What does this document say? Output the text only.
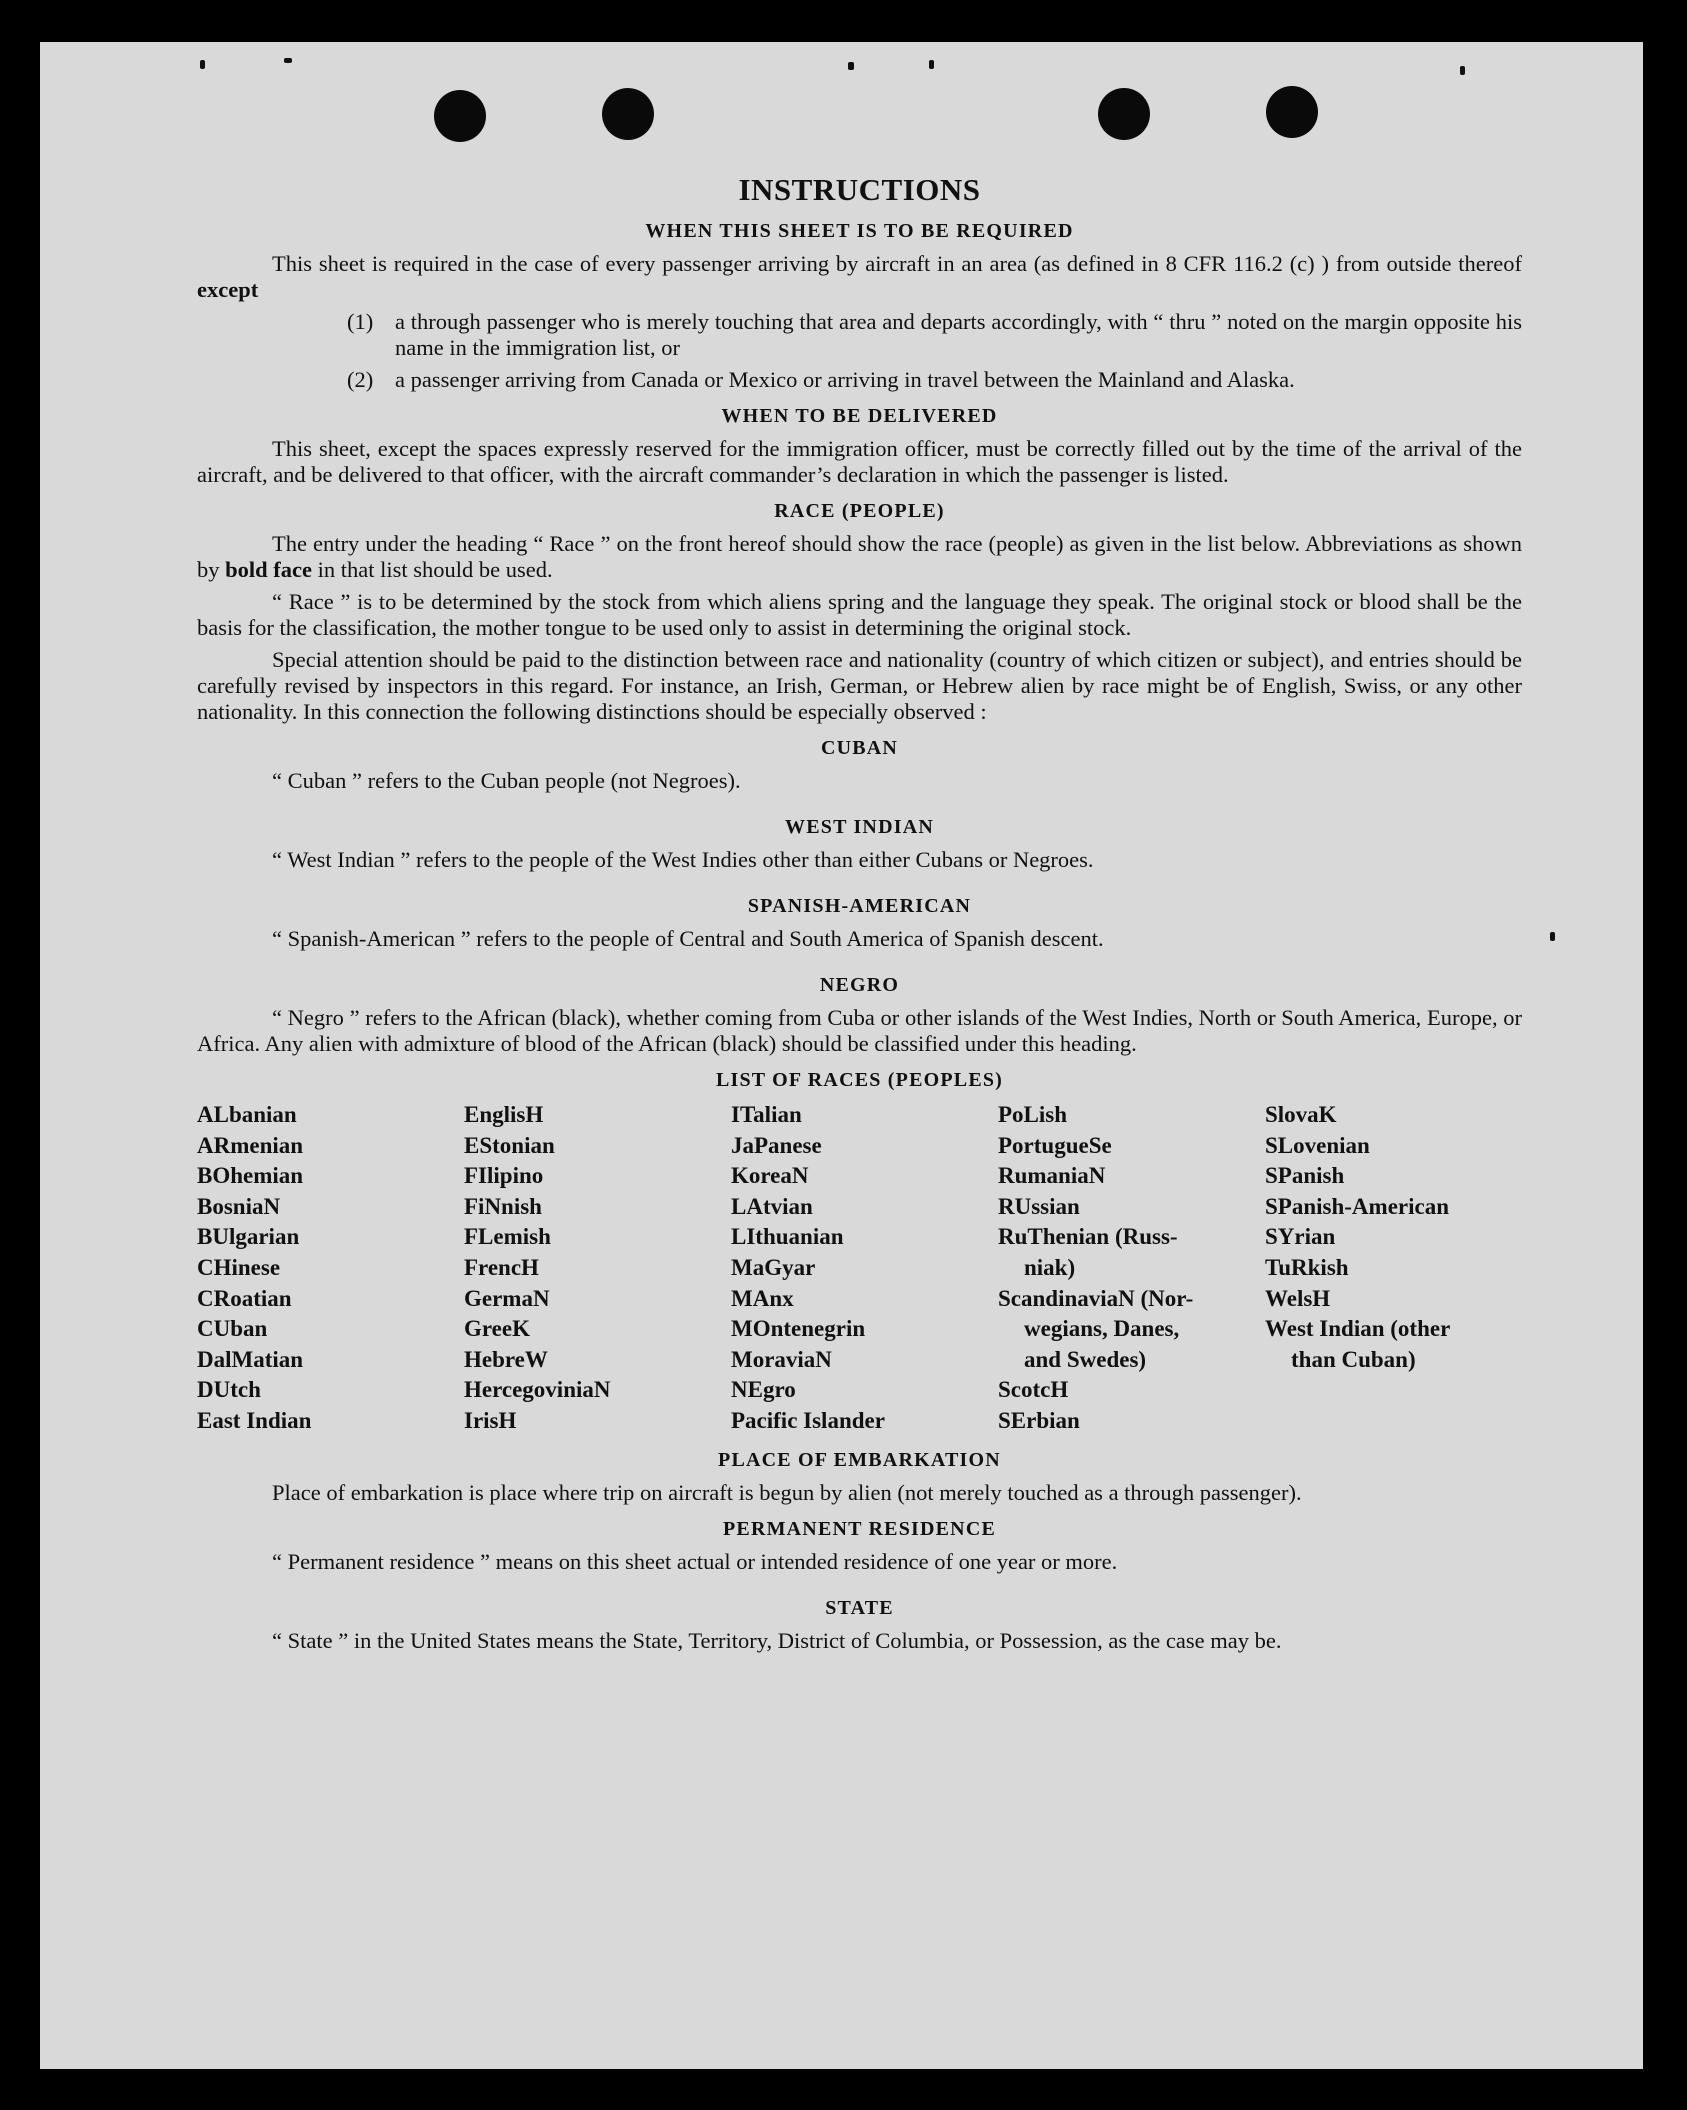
INSTRUCTIONS
WHEN THIS SHEET IS TO BE REQUIRED

This sheet is required in the case of every passenger arriving by aircraft in an area (as defined in 8 CFR 116.2 (c) ) from outside thereof except

(1) a through passenger who is merely touching that area and departs accordingly, with “ thru ” noted on the margin opposite his name in the immigration list, or
(2) a passenger arriving from Canada or Mexico or arriving in travel between the Mainland and Alaska.
WHEN TO BE DELIVERED

This sheet, except the spaces expressly reserved for the immigration officer, must be correctly filled out by the time of the arrival of the aircraft, and be delivered to that officer, with the aircraft commander’s declaration in which the passenger is listed.

RACE (PEOPLE)

The entry under the heading “ Race ” on the front hereof should show the race (people) as given in the list below. Abbreviations as shown by bold face in that list should be used.

“ Race ” is to be determined by the stock from which aliens spring and the language they speak. The original stock or blood shall be the basis for the classification, the mother tongue to be used only to assist in determining the original stock.

Special attention should be paid to the distinction between race and nationality (country of which citizen or subject), and entries should be carefully revised by inspectors in this regard. For instance, an Irish, German, or Hebrew alien by race might be of English, Swiss, or any other nationality. In this connection the following distinctions should be especially observed :

CUBAN

“ Cuban ” refers to the Cuban people (not Negroes).

WEST INDIAN

“ West Indian ” refers to the people of the West Indies other than either Cubans or Negroes.

SPANISH-AMERICAN

“ Spanish-American ” refers to the people of Central and South America of Spanish descent.

NEGRO

“ Negro ” refers to the African (black), whether coming from Cuba or other islands of the West Indies, North or South America, Europe, or Africa. Any alien with admixture of blood of the African (black) should be classified under this heading.

LIST OF RACES (PEOPLES)
ALbanian
ARmenian
BOhemian
BosniaN
BUlgarian
CHinese
CRoatian
CUban
DalMatian
DUtch
East Indian
EnglisH
EStonian
FIlipino
FiNnish
FLemish
FrencH
GermaN
GreeK
HebreW
HercegoviniaN
IrisH
ITalian
JaPanese
KoreaN
LAtvian
LIthuanian
MaGyar
MAnx
MOntenegrin
MoraviaN
NEgro
Pacific Islander
PoLish
PortugueSe
RumaniaN
RUssian
RuThenian (Russ-
niak)
ScandinaviaN (Nor-
wegians, Danes,
and Swedes)
ScotcH
SErbian
SlovaK
SLovenian
SPanish
SPanish-American
SYrian
TuRkish
WelsH
West Indian (other
than Cuban)
PLACE OF EMBARKATION

Place of embarkation is place where trip on aircraft is begun by alien (not merely touched as a through passenger).

PERMANENT RESIDENCE

“ Permanent residence ” means on this sheet actual or intended residence of one year or more.

STATE

“ State ” in the United States means the State, Territory, District of Columbia, or Possession, as the case may be.
